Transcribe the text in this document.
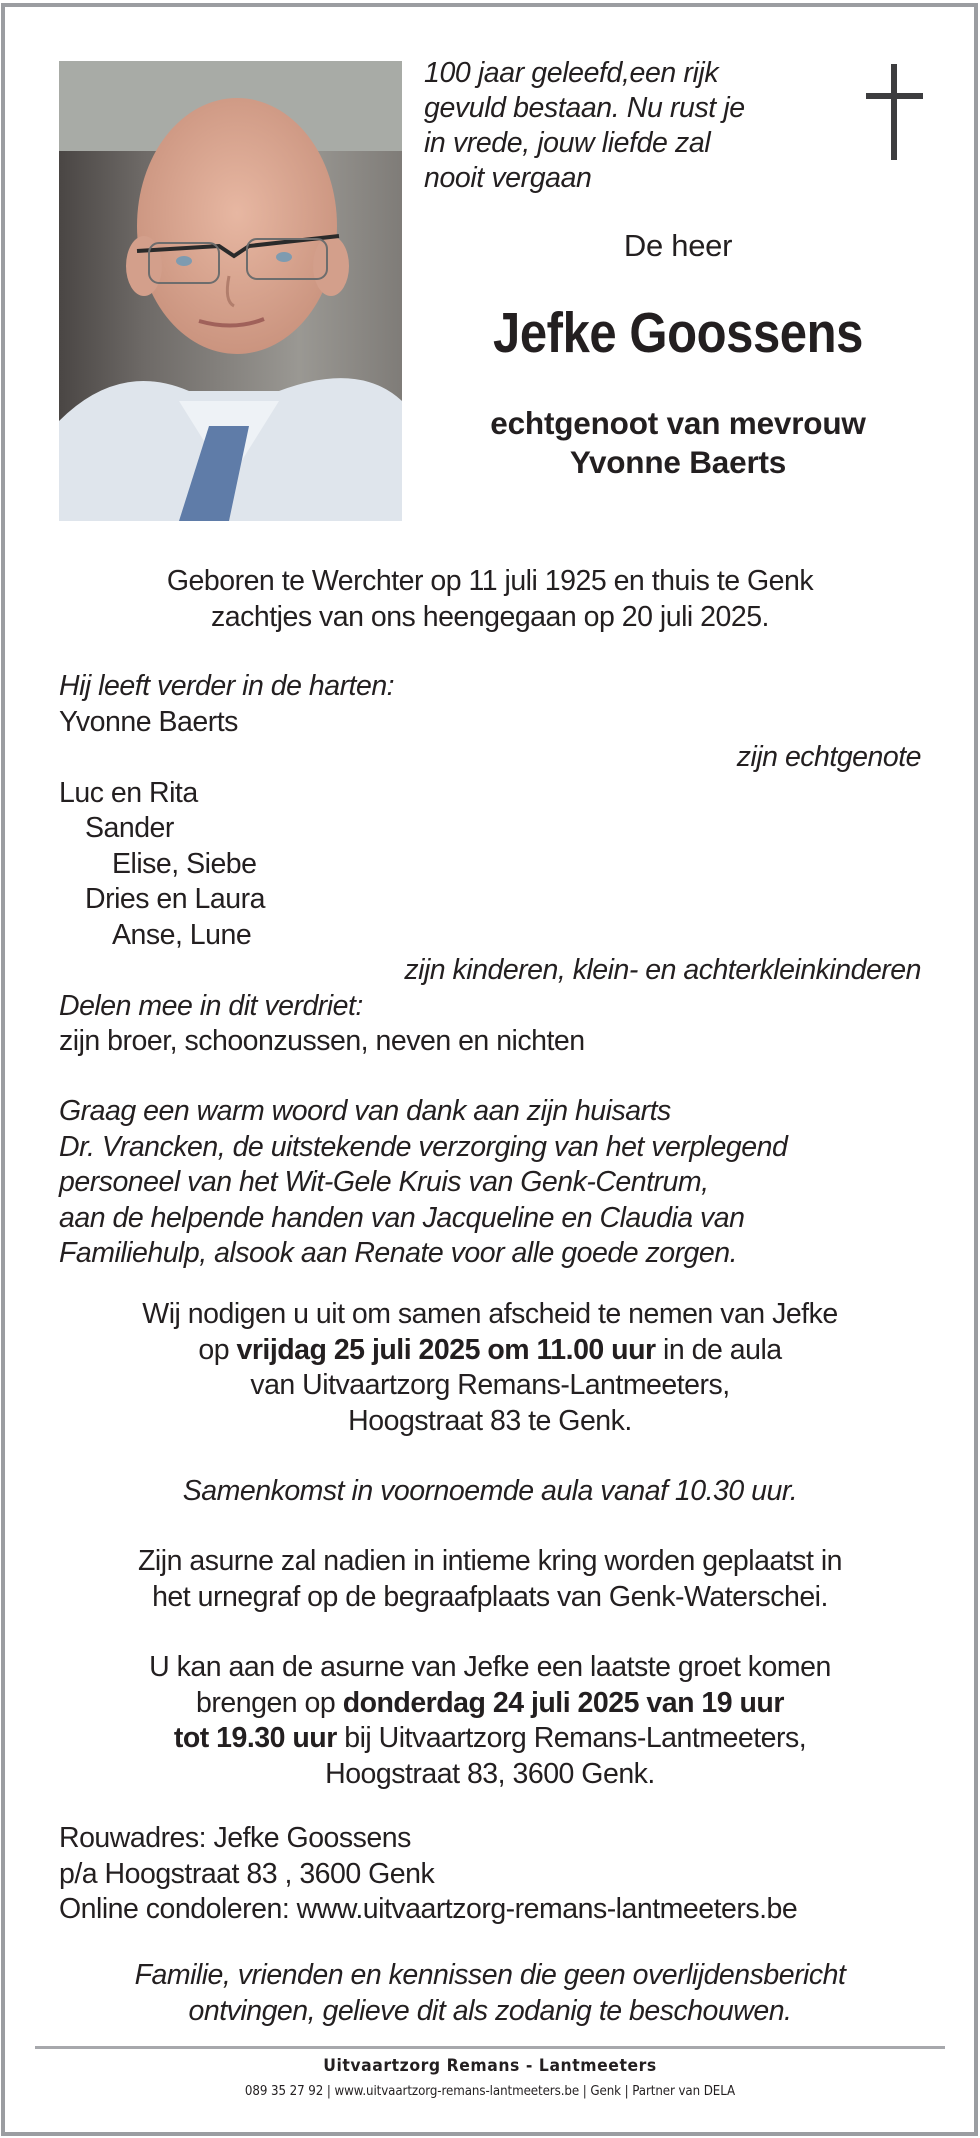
100 jaar geleefd,een rijk
gevuld bestaan. Nu rust je
in vrede, jouw liefde zal
nooit vergaan
De heer
Jefke Goossens
echtgenoot van mevrouw
Yvonne Baerts
Geboren te Werchter op 11 juli 1925 en thuis te Genk
zachtjes van ons heengegaan op 20 juli 2025.
Hij leeft verder in de harten:
Yvonne Baerts
zijn echtgenote
Luc en Rita
Sander
Elise, Siebe
Dries en Laura
Anse, Lune
zijn kinderen, klein- en achterkleinkinderen
Delen mee in dit verdriet:
zijn broer, schoonzussen, neven en nichten
Graag een warm woord van dank aan zijn huisarts
Dr. Vrancken, de uitstekende verzorging van het verplegend
personeel van het Wit-Gele Kruis van Genk-Centrum,
aan de helpende handen van Jacqueline en Claudia van
Familiehulp, alsook aan Renate voor alle goede zorgen.
Wij nodigen u uit om samen afscheid te nemen van Jefke
op vrijdag 25 juli 2025 om 11.00 uur in de aula
van Uitvaartzorg Remans-Lantmeeters,
Hoogstraat 83 te Genk.
Samenkomst in voornoemde aula vanaf 10.30 uur.
Zijn asurne zal nadien in intieme kring worden geplaatst in
het urnegraf op de begraafplaats van Genk-Waterschei.
U kan aan de asurne van Jefke een laatste groet komen
brengen op donderdag 24 juli 2025 van 19 uur
tot 19.30 uur bij Uitvaartzorg Remans-Lantmeeters,
Hoogstraat 83, 3600 Genk.
Rouwadres: Jefke Goossens
p/a Hoogstraat 83 , 3600 Genk
Online condoleren: www.uitvaartzorg-remans-lantmeeters.be
Familie, vrienden en kennissen die geen overlijdensbericht
ontvingen, gelieve dit als zodanig te beschouwen.
Uitvaartzorg Remans - Lantmeeters
089 35 27 92 | www.uitvaartzorg-remans-lantmeeters.be | Genk | Partner van DELA
